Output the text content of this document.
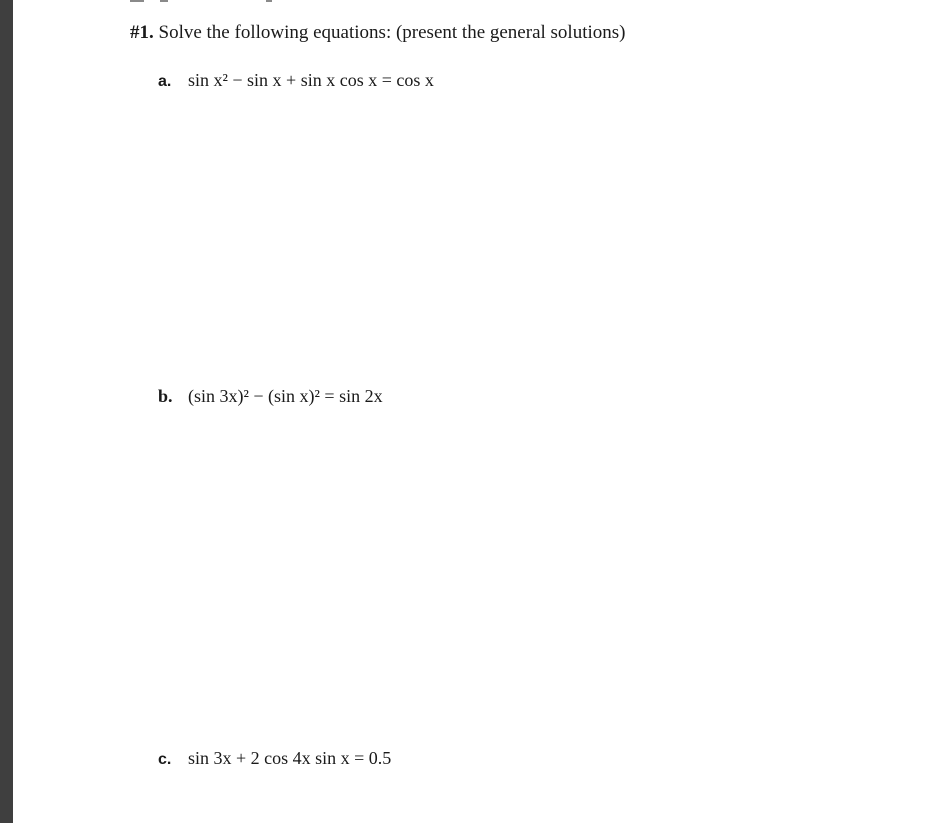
#1. Solve the following equations: (present the general solutions)
a. sin x² − sin x + sin x cos x = cos x
b. (sin 3x)² − (sin x)² = sin 2x
c. sin 3x + 2 cos 4x sin x = 0.5
